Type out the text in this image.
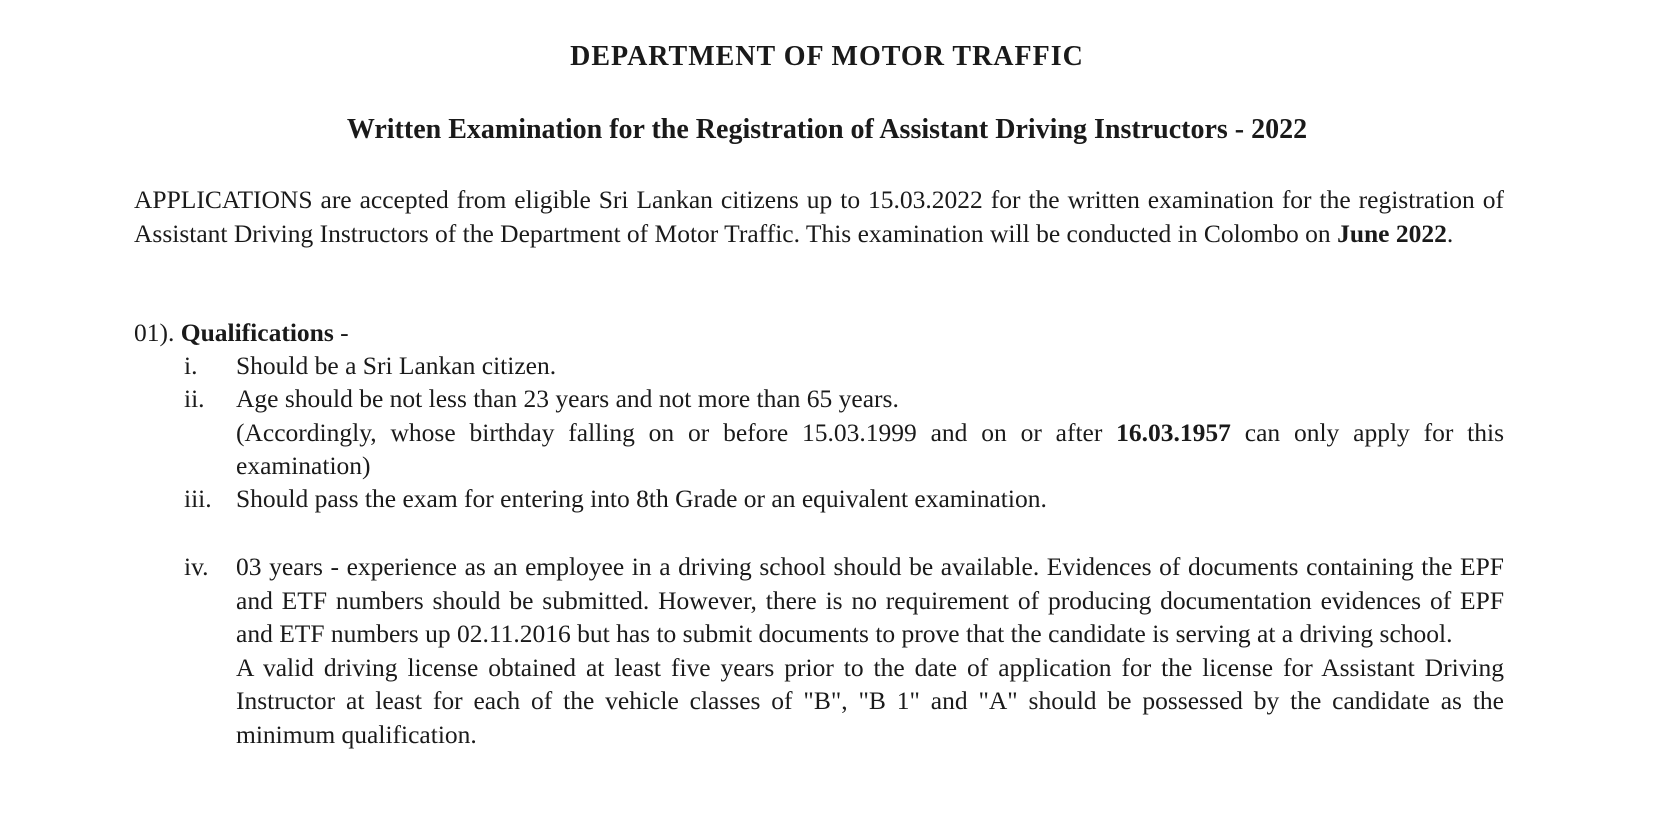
DEPARTMENT OF MOTOR TRAFFIC
Written Examination for the Registration of Assistant Driving Instructors - 2022
APPLICATIONS are accepted from eligible Sri Lankan citizens up to 15.03.2022 for the written examination for the registration of Assistant Driving Instructors of the Department of Motor Traffic. This examination will be conducted in Colombo on June 2022.
01). Qualifications -
i.	Should be a Sri Lankan citizen.

ii.	Age should be not less than 23 years and not more than 65 years.

(Accordingly, whose birthday falling on or before 15.03.1999 and on or after 16.03.1957 can only apply for this examination)

iii. Should pass the exam for entering into 8th Grade or an equivalent examination.

iv.	03 years - experience as an employee in a driving school should be available. Evidences of documents containing the EPF and ETF numbers should be submitted. However, there is no requirement of producing documentation evidences of EPF and ETF numbers up 02.11.2016 but has to submit documents to prove that the candidate is serving at a driving school.

A valid driving license obtained at least five years prior to the date of application for the license for Assistant Driving Instructor at least for each of the vehicle classes of "B", "B 1" and "A" should be possessed by the candidate as the minimum qualification.
